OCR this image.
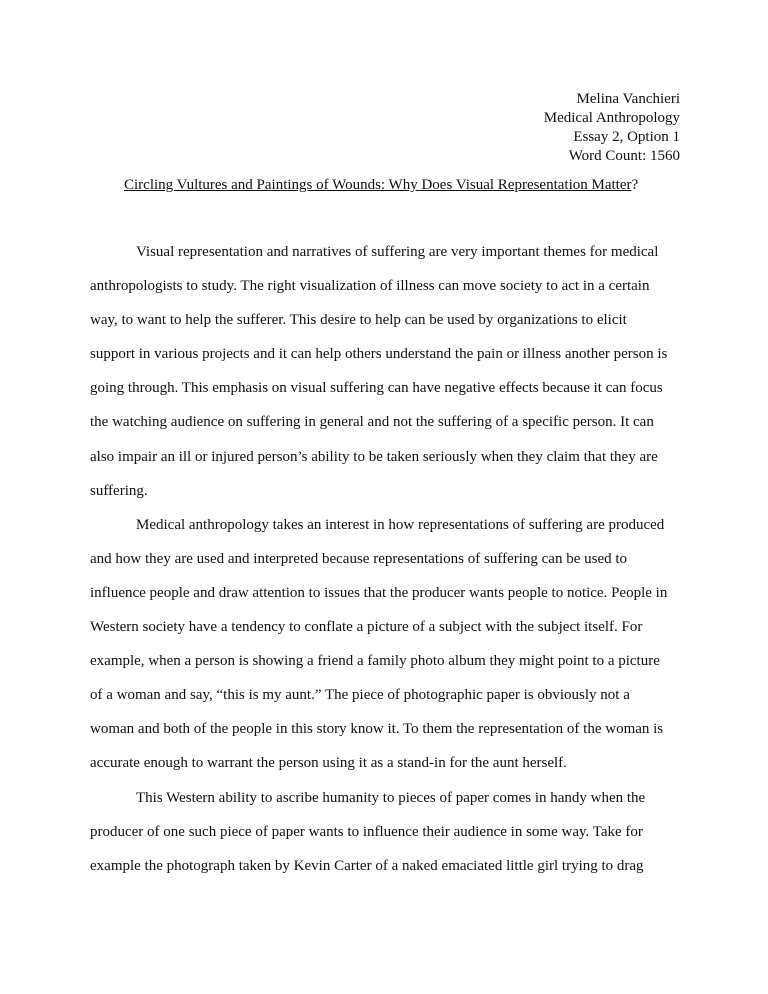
Melina Vanchieri
Medical Anthropology
Essay 2, Option 1
Word Count: 1560
Circling Vultures and Paintings of Wounds: Why Does Visual Representation Matter?
Visual representation and narratives of suffering are very important themes for medical
anthropologists to study. The right visualization of illness can move society to act in a certain
way, to want to help the sufferer. This desire to help can be used by organizations to elicit
support in various projects and it can help others understand the pain or illness another person is
going through. This emphasis on visual suffering can have negative effects because it can focus
the watching audience on suffering in general and not the suffering of a specific person. It can
also impair an ill or injured person’s ability to be taken seriously when they claim that they are
suffering.
Medical anthropology takes an interest in how representations of suffering are produced
and how they are used and interpreted because representations of suffering can be used to
influence people and draw attention to issues that the producer wants people to notice. People in
Western society have a tendency to conflate a picture of a subject with the subject itself. For
example, when a person is showing a friend a family photo album they might point to a picture
of a woman and say, “this is my aunt.” The piece of photographic paper is obviously not a
woman and both of the people in this story know it. To them the representation of the woman is
accurate enough to warrant the person using it as a stand-in for the aunt herself.
This Western ability to ascribe humanity to pieces of paper comes in handy when the
producer of one such piece of paper wants to influence their audience in some way. Take for
example the photograph taken by Kevin Carter of a naked emaciated little girl trying to drag
